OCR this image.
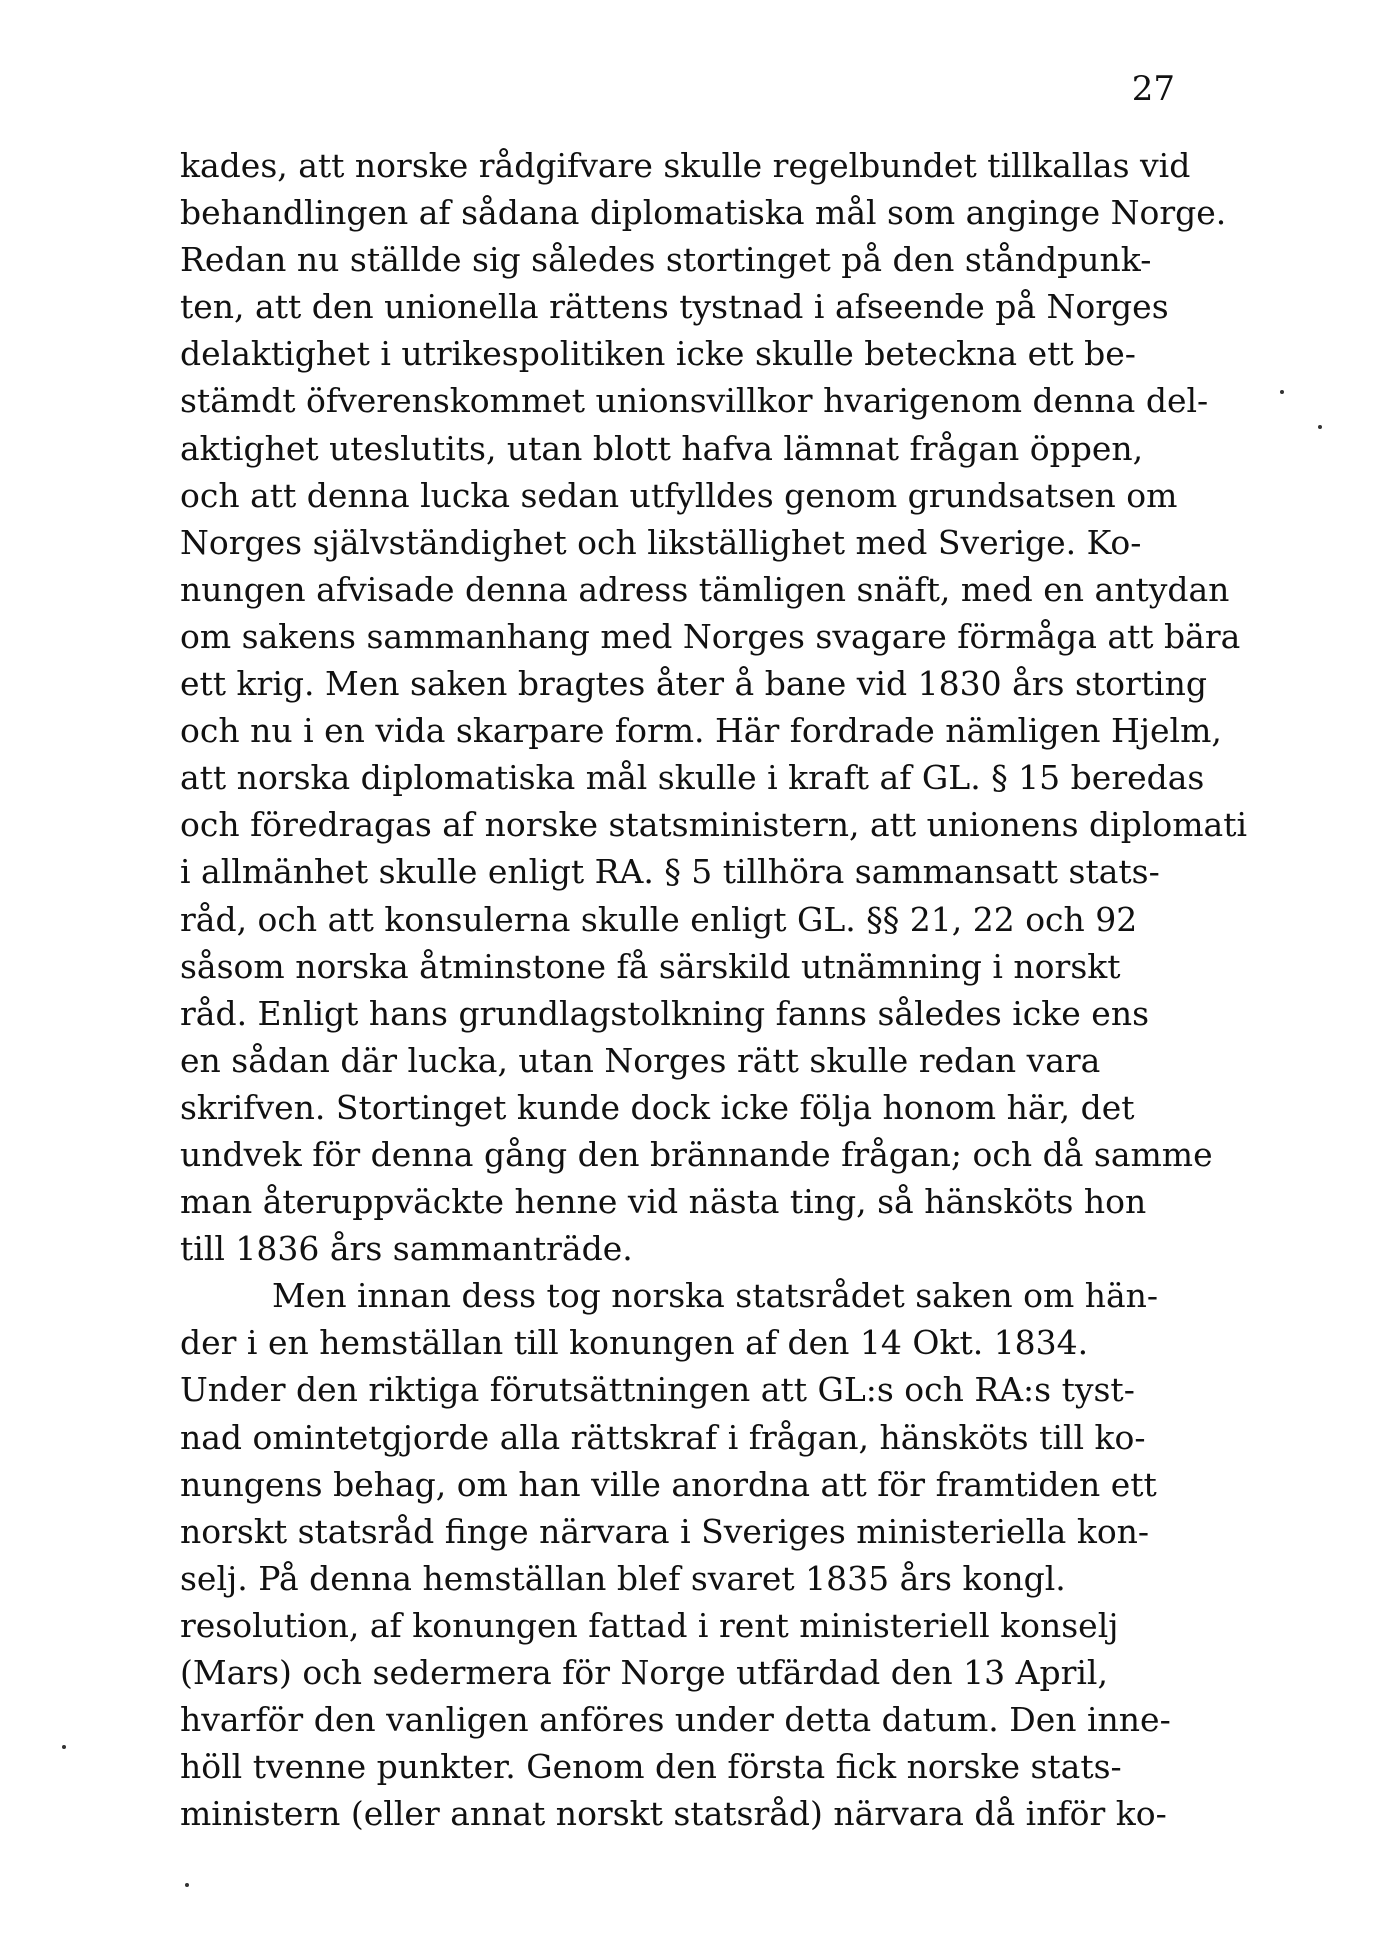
27
kades, att norske rådgifvare skulle regelbundet tillkallas vid
behandlingen af sådana diplomatiska mål som anginge Norge.
Redan nu ställde sig således stortinget på den ståndpunk-
ten, att den unionella rättens tystnad i afseende på Norges
delaktighet i utrikespolitiken icke skulle beteckna ett be-
stämdt öfverenskommet unionsvillkor hvarigenom denna del-
aktighet uteslutits, utan blott hafva lämnat frågan öppen,
och att denna lucka sedan utfylldes genom grundsatsen om
Norges självständighet och likställighet med Sverige. Ko-
nungen afvisade denna adress tämligen snäft, med en antydan
om sakens sammanhang med Norges svagare förmåga att bära
ett krig. Men saken bragtes åter å bane vid 1830 års storting
och nu i en vida skarpare form. Här fordrade nämligen Hjelm,
att norska diplomatiska mål skulle i kraft af GL. § 15 beredas
och föredragas af norske statsministern, att unionens diplomati
i allmänhet skulle enligt RA. § 5 tillhöra sammansatt stats-
råd, och att konsulerna skulle enligt GL. §§ 21, 22 och 92
såsom norska åtminstone få särskild utnämning i norskt
råd. Enligt hans grundlagstolkning fanns således icke ens
en sådan där lucka, utan Norges rätt skulle redan vara
skrifven. Stortinget kunde dock icke följa honom här, det
undvek för denna gång den brännande frågan; och då samme
man återuppväckte henne vid nästa ting, så hänsköts hon
till 1836 års sammanträde.
Men innan dess tog norska statsrådet saken om hän-
der i en hemställan till konungen af den 14 Okt. 1834.
Under den riktiga förutsättningen att GL:s och RA:s tyst-
nad omintetgjorde alla rättskraf i frågan, hänsköts till ko-
nungens behag, om han ville anordna att för framtiden ett
norskt statsråd finge närvara i Sveriges ministeriella kon-
selj. På denna hemställan blef svaret 1835 års kongl.
resolution, af konungen fattad i rent ministeriell konselj
(Mars) och sedermera för Norge utfärdad den 13 April,
hvarför den vanligen anföres under detta datum. Den inne-
höll tvenne punkter. Genom den första fick norske stats-
ministern (eller annat norskt statsråd) närvara då inför ko-
